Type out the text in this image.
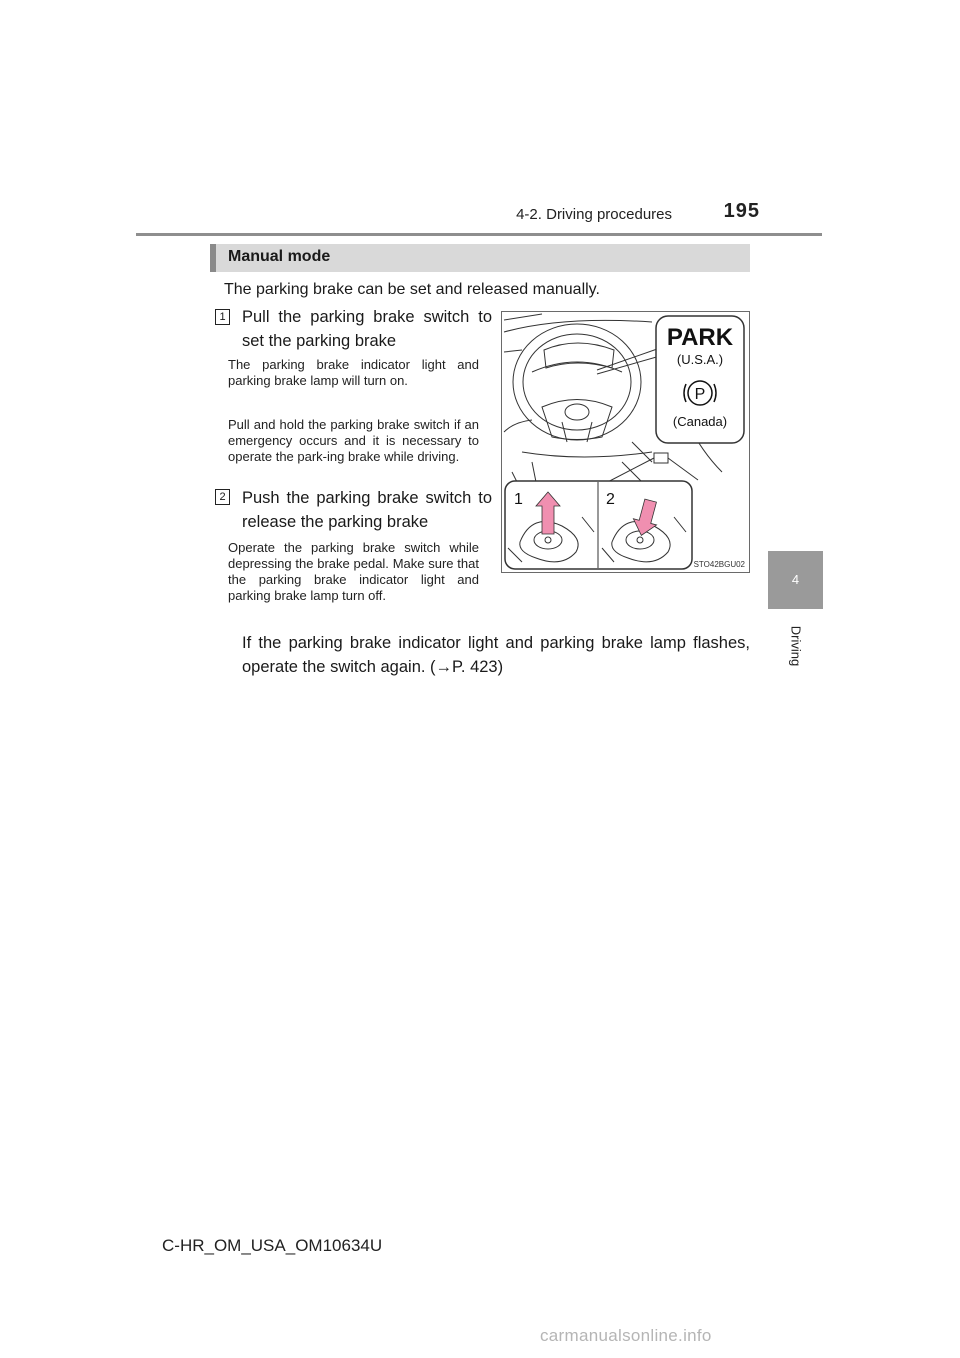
4-2. Driving procedures	195
4
Driving
Manual mode
The parking brake can be set and released manually.
1 Pull the parking brake switch to set the parking brake
The parking brake indicator light and parking brake lamp will turn on.
Pull and hold the parking brake switch if an emergency occurs and it is necessary to operate the park-ing brake while driving.
2 Push the parking brake switch to release the parking brake
Operate the parking brake switch while depressing the brake pedal. Make sure that the parking brake indicator light and parking brake lamp turn off.
If the parking brake indicator light and parking brake lamp flashes, operate the switch again. (→P. 423)
PARK
(U.S.A.)
P
(Canada)
1	2
STO42BGU02
C-HR_OM_USA_OM10634U
carmanualsonline.info
